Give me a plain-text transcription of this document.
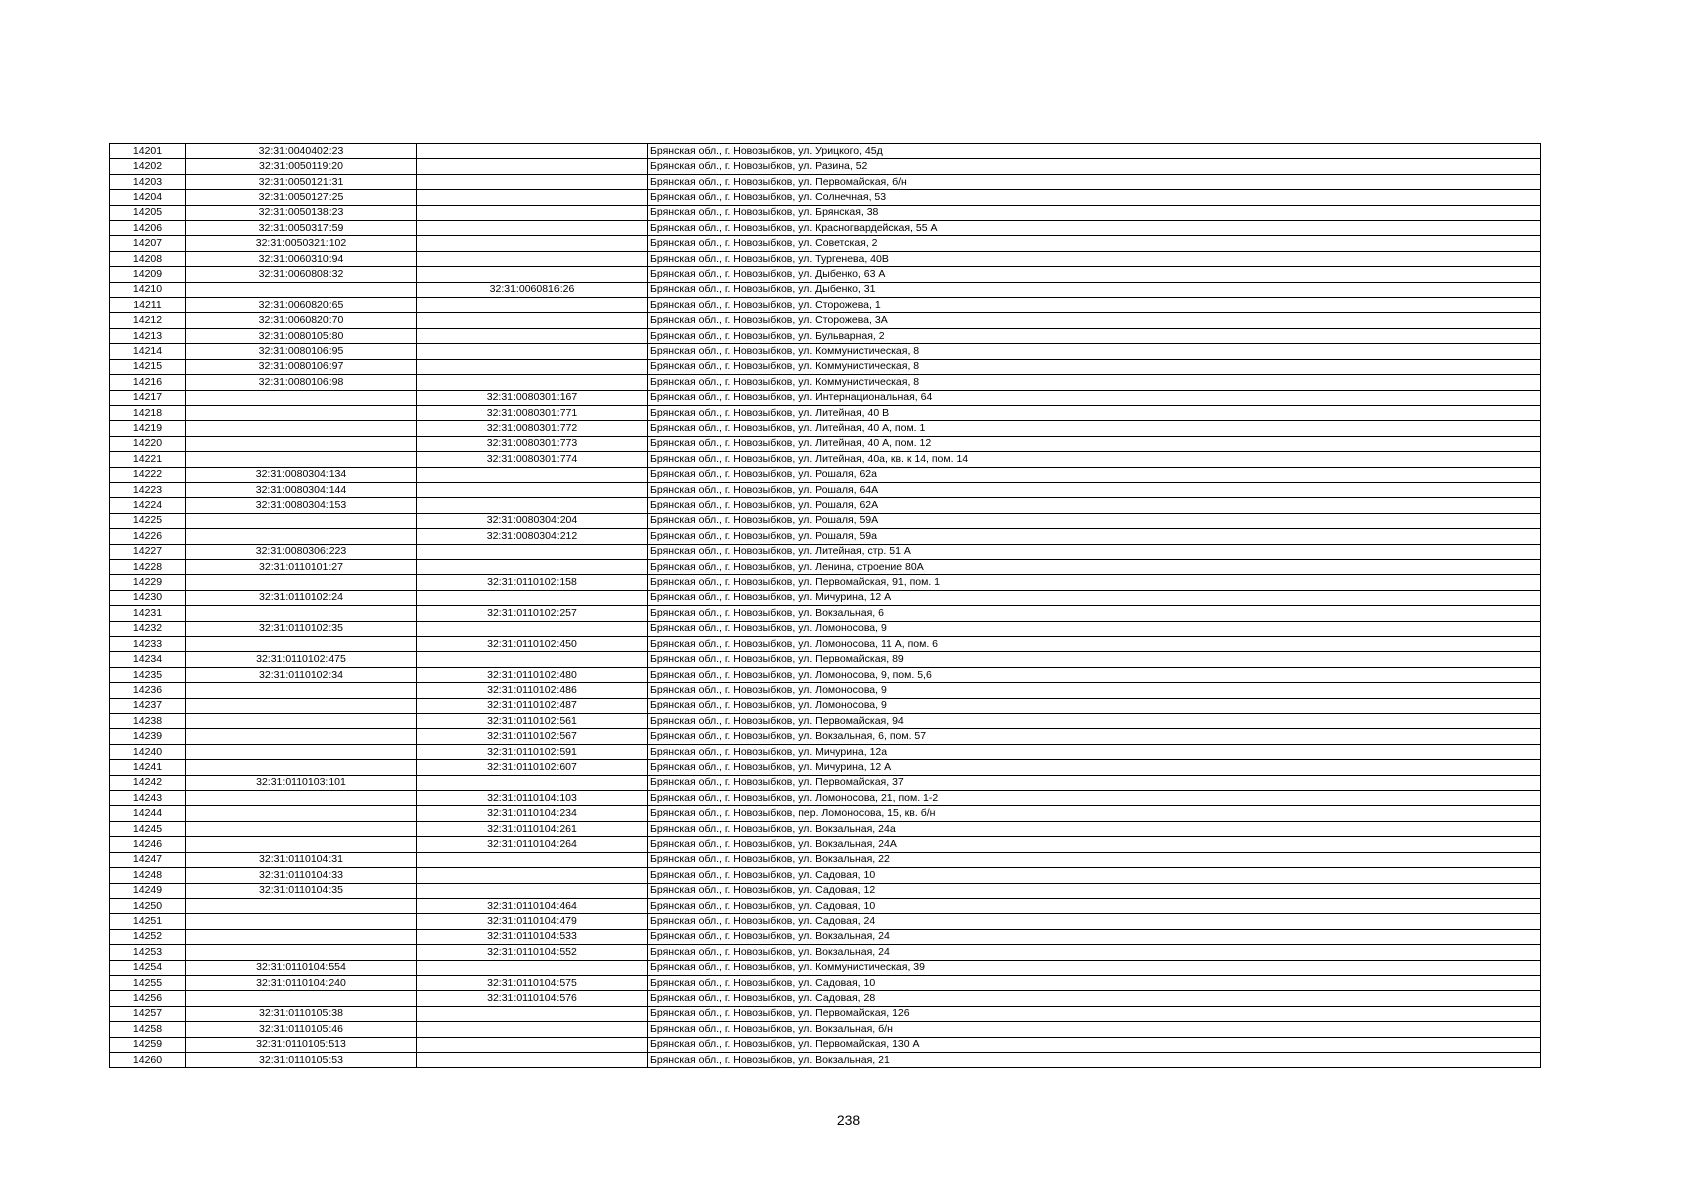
14201	32:31:0040402:23		Брянская обл., г. Новозыбков, ул. Урицкого, 45д
14202	32:31:0050119:20		Брянская обл., г. Новозыбков, ул. Разина, 52
14203	32:31:0050121:31		Брянская обл., г. Новозыбков, ул. Первомайская, б/н
14204	32:31:0050127:25		Брянская обл., г. Новозыбков, ул. Солнечная, 53
14205	32:31:0050138:23		Брянская обл., г. Новозыбков, ул. Брянская, 38
14206	32:31:0050317:59		Брянская обл., г. Новозыбков, ул. Красногвардейская, 55 А
14207	32:31:0050321:102		Брянская обл., г. Новозыбков, ул. Советская, 2
14208	32:31:0060310:94		Брянская обл., г. Новозыбков, ул. Тургенева, 40В
14209	32:31:0060808:32		Брянская обл., г. Новозыбков, ул. Дыбенко, 63 А
14210		32:31:0060816:26	Брянская обл., г. Новозыбков, ул. Дыбенко, 31
14211	32:31:0060820:65		Брянская обл., г. Новозыбков, ул. Сторожева, 1
14212	32:31:0060820:70		Брянская обл., г. Новозыбков, ул. Сторожева, 3А
14213	32:31:0080105:80		Брянская обл., г. Новозыбков, ул. Бульварная, 2
14214	32:31:0080106:95		Брянская обл., г. Новозыбков, ул. Коммунистическая, 8
14215	32:31:0080106:97		Брянская обл., г. Новозыбков, ул. Коммунистическая, 8
14216	32:31:0080106:98		Брянская обл., г. Новозыбков, ул. Коммунистическая, 8
14217		32:31:0080301:167	Брянская обл., г. Новозыбков, ул. Интернациональная, 64
14218		32:31:0080301:771	Брянская обл., г. Новозыбков, ул. Литейная, 40 В
14219		32:31:0080301:772	Брянская обл., г. Новозыбков, ул. Литейная, 40 А, пом. 1
14220		32:31:0080301:773	Брянская обл., г. Новозыбков, ул. Литейная, 40 А, пом. 12
14221		32:31:0080301:774	Брянская обл., г. Новозыбков, ул. Литейная, 40а, кв. к 14, пом. 14
14222	32:31:0080304:134		Брянская обл., г. Новозыбков, ул. Рошаля, 62а
14223	32:31:0080304:144		Брянская обл., г. Новозыбков, ул. Рошаля, 64А
14224	32:31:0080304:153		Брянская обл., г. Новозыбков, ул. Рошаля, 62А
14225		32:31:0080304:204	Брянская обл., г. Новозыбков, ул. Рошаля, 59А
14226		32:31:0080304:212	Брянская обл., г. Новозыбков, ул. Рошаля, 59а
14227	32:31:0080306:223		Брянская обл., г. Новозыбков, ул. Литейная, стр. 51 А
14228	32:31:0110101:27		Брянская обл., г. Новозыбков, ул. Ленина, строение 80А
14229		32:31:0110102:158	Брянская обл., г. Новозыбков, ул. Первомайская, 91, пом. 1
14230	32:31:0110102:24		Брянская обл., г. Новозыбков, ул. Мичурина, 12 А
14231		32:31:0110102:257	Брянская обл., г. Новозыбков, ул. Вокзальная, 6
14232	32:31:0110102:35		Брянская обл., г. Новозыбков, ул. Ломоносова, 9
14233		32:31:0110102:450	Брянская обл., г. Новозыбков, ул. Ломоносова, 11 А, пом. 6
14234	32:31:0110102:475		Брянская обл., г. Новозыбков, ул. Первомайская, 89
14235	32:31:0110102:34	32:31:0110102:480	Брянская обл., г. Новозыбков, ул. Ломоносова, 9, пом. 5,6
14236		32:31:0110102:486	Брянская обл., г. Новозыбков, ул. Ломоносова, 9
14237		32:31:0110102:487	Брянская обл., г. Новозыбков, ул. Ломоносова, 9
14238		32:31:0110102:561	Брянская обл., г. Новозыбков, ул. Первомайская, 94
14239		32:31:0110102:567	Брянская обл., г. Новозыбков, ул. Вокзальная, 6, пом. 57
14240		32:31:0110102:591	Брянская обл., г. Новозыбков, ул. Мичурина, 12а
14241		32:31:0110102:607	Брянская обл., г. Новозыбков, ул. Мичурина, 12 А
14242	32:31:0110103:101		Брянская обл., г. Новозыбков, ул. Первомайская, 37
14243		32:31:0110104:103	Брянская обл., г. Новозыбков, ул. Ломоносова, 21, пом. 1-2
14244		32:31:0110104:234	Брянская обл., г. Новозыбков, пер. Ломоносова, 15, кв. б/н
14245		32:31:0110104:261	Брянская обл., г. Новозыбков, ул. Вокзальная, 24а
14246		32:31:0110104:264	Брянская обл., г. Новозыбков, ул. Вокзальная, 24А
14247	32:31:0110104:31		Брянская обл., г. Новозыбков, ул. Вокзальная, 22
14248	32:31:0110104:33		Брянская обл., г. Новозыбков, ул. Садовая, 10
14249	32:31:0110104:35		Брянская обл., г. Новозыбков, ул. Садовая, 12
14250		32:31:0110104:464	Брянская обл., г. Новозыбков, ул. Садовая, 10
14251		32:31:0110104:479	Брянская обл., г. Новозыбков, ул. Садовая, 24
14252		32:31:0110104:533	Брянская обл., г. Новозыбков, ул. Вокзальная, 24
14253		32:31:0110104:552	Брянская обл., г. Новозыбков, ул. Вокзальная, 24
14254	32:31:0110104:554		Брянская обл., г. Новозыбков, ул. Коммунистическая, 39
14255	32:31:0110104:240	32:31:0110104:575	Брянская обл., г. Новозыбков, ул. Садовая, 10
14256		32:31:0110104:576	Брянская обл., г. Новозыбков, ул. Садовая, 28
14257	32:31:0110105:38		Брянская обл., г. Новозыбков, ул. Первомайская, 126
14258	32:31:0110105:46		Брянская обл., г. Новозыбков, ул. Вокзальная, б/н
14259	32:31:0110105:513		Брянская обл., г. Новозыбков, ул. Первомайская, 130 А
14260	32:31:0110105:53		Брянская обл., г. Новозыбков, ул. Вокзальная, 21
238
